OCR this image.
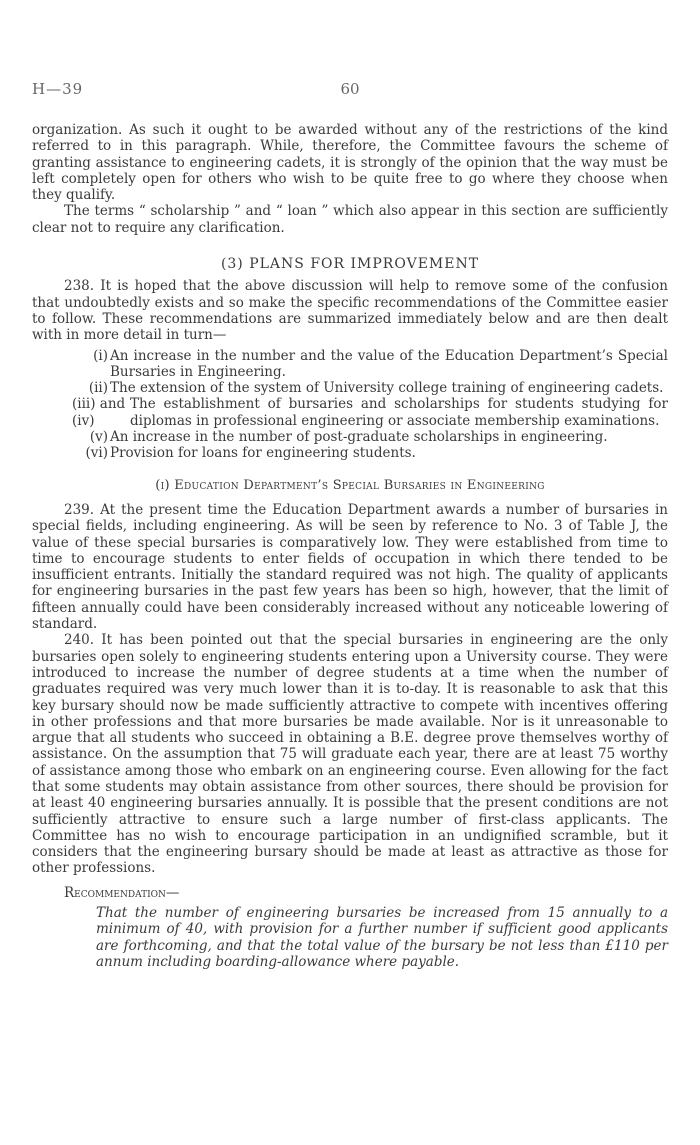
H—39	60

organization. As such it ought to be awarded without any of the restrictions of the kind referred to in this paragraph. While, therefore, the Committee favours the scheme of granting assistance to engineering cadets, it is strongly of the opinion that the way must be left completely open for others who wish to be quite free to go where they choose when they qualify.

The terms “ scholarship ” and “ loan ” which also appear in this section are sufficiently clear not to require any clarification.

(3) PLANS FOR IMPROVEMENT

238. It is hoped that the above discussion will help to remove some of the confusion that undoubtedly exists and so make the specific recommendations of the Committee easier to follow. These recommendations are summarized immediately below and are then dealt with in more detail in turn—

(i) An increase in the number and the value of the Education Department’s Special Bursaries in Engineering.
(ii) The extension of the system of University college training of engineering cadets.
(iii) and (iv)
The establishment of bursaries and scholarships for students studying for diplomas in professional engineering or associate membership examinations.
(v) An increase in the number of post-graduate scholarships in engineering.
(vi) Provision for loans for engineering students.
(i) Education Department’s Special Bursaries in Engineering

239. At the present time the Education Department awards a number of bursaries in special fields, including engineering. As will be seen by reference to No. 3 of Table J, the value of these special bursaries is comparatively low. They were established from time to time to encourage students to enter fields of occupation in which there tended to be insufficient entrants. Initially the standard required was not high. The quality of applicants for engineering bursaries in the past few years has been so high, however, that the limit of fifteen annually could have been considerably increased without any noticeable lowering of standard.

240. It has been pointed out that the special bursaries in engineering are the only bursaries open solely to engineering students entering upon a University course. They were introduced to increase the number of degree students at a time when the number of graduates required was very much lower than it is to-day. It is reasonable to ask that this key bursary should now be made sufficiently attractive to compete with incentives offering in other professions and that more bursaries be made available. Nor is it unreasonable to argue that all students who succeed in obtaining a B.E. degree prove themselves worthy of assistance. On the assumption that 75 will graduate each year, there are at least 75 worthy of assistance among those who embark on an engineering course. Even allowing for the fact that some students may obtain assistance from other sources, there should be provision for at least 40 engineering bursaries annually. It is possible that the present conditions are not sufficiently attractive to ensure such a large number of first-class applicants. The Committee has no wish to encourage participation in an undignified scramble, but it considers that the engineering bursary should be made at least as attractive as those for other professions.

Recommendation—

That the number of engineering bursaries be increased from 15 annually to a minimum of 40, with provision for a further number if sufficient good applicants are forthcoming, and that the total value of the bursary be not less than £110 per annum including boarding-allowance where payable.
